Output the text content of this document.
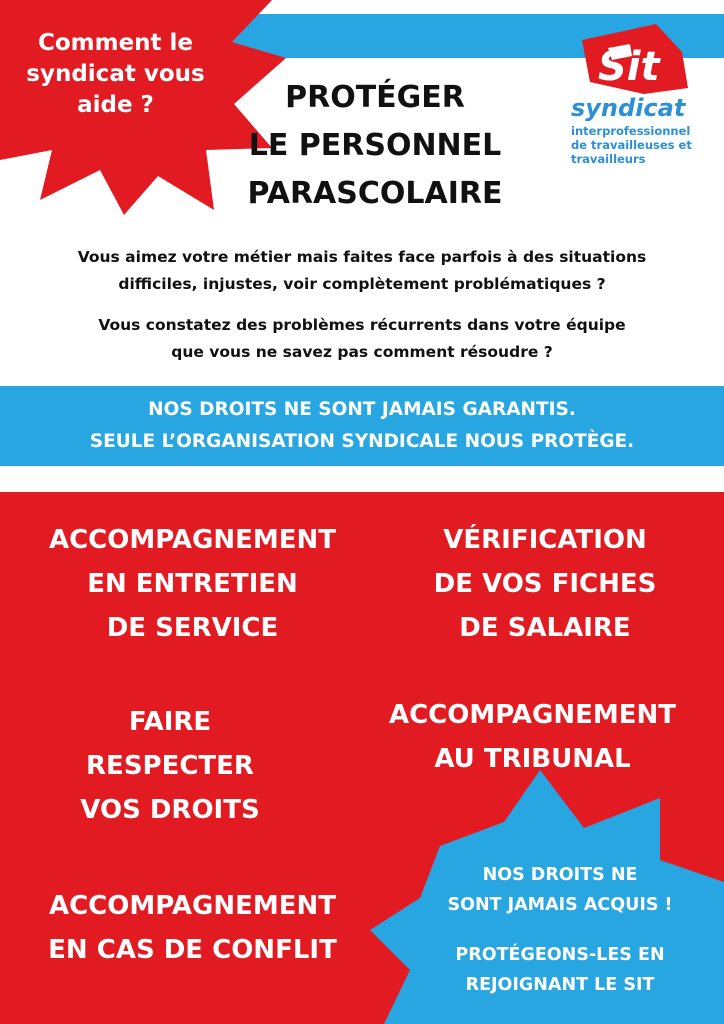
Comment le
syndicat vous
aide ?	PROTÉGER
LE PERSONNEL
PARASCOLAIRE
Sit
syndicat
interprofessionnel
de travailleuses et
travailleurs
Vous aimez votre métier mais faites face parfois à des situations
difficiles, injustes, voir complètement problématiques ?
Vous constatez des problèmes récurrents dans votre équipe
que vous ne savez pas comment résoudre ?
NOS DROITS NE SONT JAMAIS GARANTIS.
SEULE L’ORGANISATION SYNDICALE NOUS PROTÈGE.
ACCOMPAGNEMENT
EN ENTRETIEN
DE SERVICE
VÉRIFICATION
DE VOS FICHES
DE SALAIRE
FAIRE
RESPECTER
VOS DROITS
ACCOMPAGNEMENT
AU TRIBUNAL
ACCOMPAGNEMENT
EN CAS DE CONFLIT
NOS DROITS NE
SONT JAMAIS ACQUIS !
PROTÉGEONS-LES EN
REJOIGNANT LE SIT
